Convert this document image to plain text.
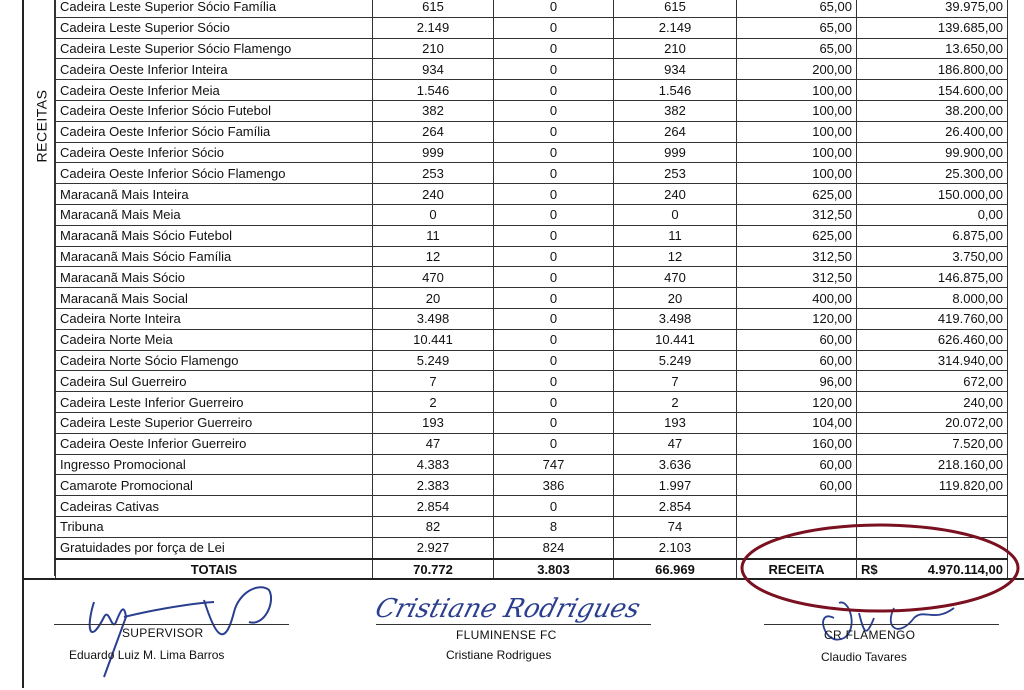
RECEITAS
Cadeira Leste Superior Sócio Família	615	0	615	65,00	39.975,00
Cadeira Leste Superior Sócio	2.149	0	2.149	65,00	139.685,00
Cadeira Leste Superior Sócio Flamengo	210	0	210	65,00	13.650,00
Cadeira Oeste Inferior Inteira	934	0	934	200,00	186.800,00
Cadeira Oeste Inferior Meia	1.546	0	1.546	100,00	154.600,00
Cadeira Oeste Inferior Sócio Futebol	382	0	382	100,00	38.200,00
Cadeira Oeste Inferior Sócio Família	264	0	264	100,00	26.400,00
Cadeira Oeste Inferior Sócio	999	0	999	100,00	99.900,00
Cadeira Oeste Inferior Sócio Flamengo	253	0	253	100,00	25.300,00
Maracanã Mais Inteira	240	0	240	625,00	150.000,00
Maracanã Mais Meia	0	0	0	312,50	0,00
Maracanã Mais Sócio Futebol	11	0	11	625,00	6.875,00
Maracanã Mais Sócio Família	12	0	12	312,50	3.750,00
Maracanã Mais Sócio	470	0	470	312,50	146.875,00
Maracanã Mais Social	20	0	20	400,00	8.000,00
Cadeira Norte Inteira	3.498	0	3.498	120,00	419.760,00
Cadeira Norte Meia	10.441	0	10.441	60,00	626.460,00
Cadeira Norte Sócio Flamengo	5.249	0	5.249	60,00	314.940,00
Cadeira Sul Guerreiro	7	0	7	96,00	672,00
Cadeira Leste Inferior Guerreiro	2	0	2	120,00	240,00
Cadeira Leste Superior Guerreiro	193	0	193	104,00	20.072,00
Cadeira Oeste Inferior Guerreiro	47	0	47	160,00	7.520,00
Ingresso Promocional	4.383	747	3.636	60,00	218.160,00
Camarote Promocional	2.383	386	1.997	60,00	119.820,00
Cadeiras Cativas	2.854	0	2.854		
Tribuna	82	8	74		
Gratuidades por força de Lei	2.927	824	2.103		
TOTAIS	70.772	3.803	66.969	RECEITA	R$ 4.970.114,00
SUPERVISOR
Eduardo Luiz M. Lima Barros
Cristiane Rodrigues
FLUMINENSE FC
Cristiane Rodrigues
CR FLAMENGO
Claudio Tavares
